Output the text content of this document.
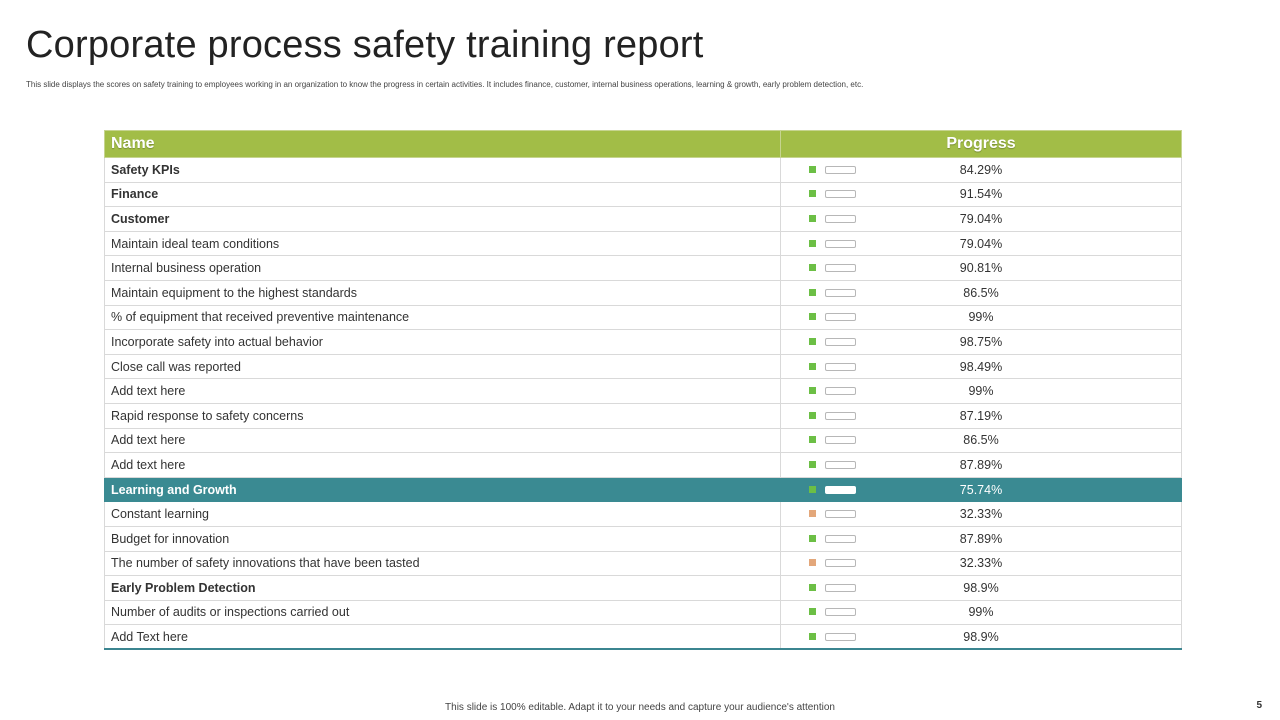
Corporate process safety training report
This slide displays the scores on safety training to employees working in an organization to know the progress in certain activities. It includes finance, customer, internal business operations, learning & growth, early problem detection, etc.
Name	Progress
Safety KPIs	84.29%

Finance	91.54%

Customer	79.04%

Maintain ideal team conditions	79.04%

Internal business operation	90.81%

Maintain equipment to the highest standards	86.5%

% of equipment that received preventive maintenance	99%

Incorporate safety into actual behavior	98.75%

Close call was reported	98.49%

Add text here	99%

Rapid response to safety concerns	87.19%

Add text here	86.5%

Add text here	87.89%

Learning and Growth	75.74%

Constant learning	32.33%

Budget for innovation	87.89%

The number of safety innovations that have been tasted	32.33%

Early Problem Detection	98.9%

Number of audits or inspections carried out	99%

Add Text here	98.9%
This slide is 100% editable. Adapt it to your needs and capture your audience's attention	5
